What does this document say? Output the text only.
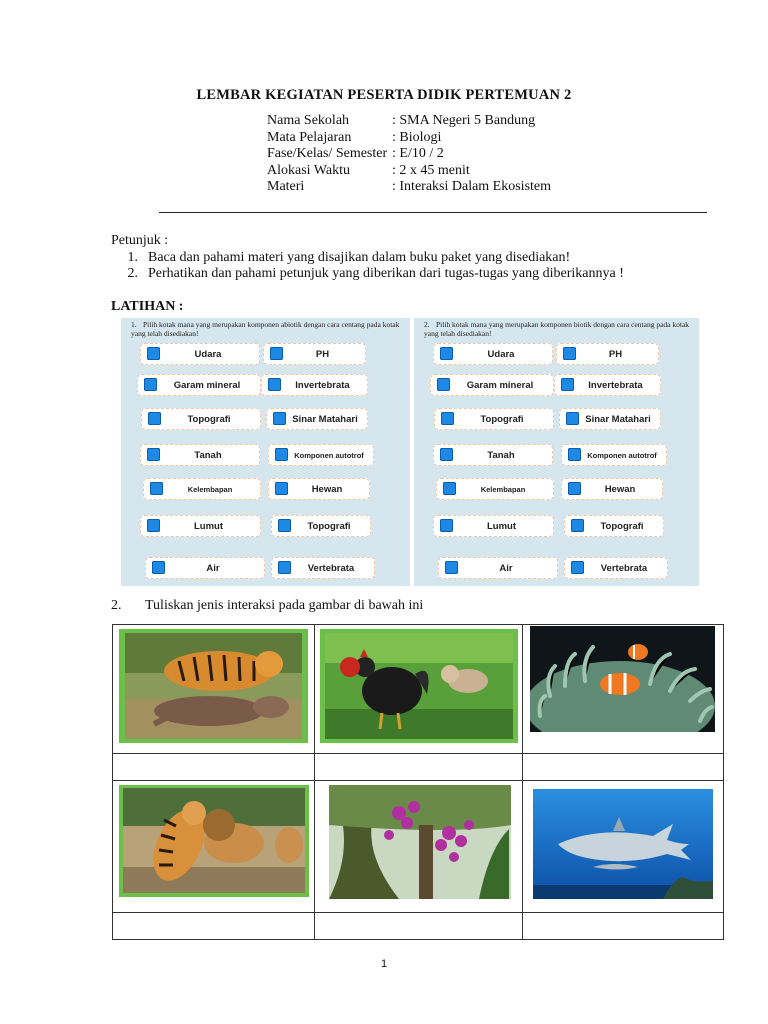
LEMBAR KEGIATAN PESERTA DIDIK PERTEMUAN 2
Nama Sekolah	: SMA Negeri 5 Bandung
Mata Pelajaran	: Biologi
Fase/Kelas/ Semester : E/10 / 2
Alokasi Waktu	: 2 x 45 menit
Materi	: Interaksi Dalam Ekosistem
Petunjuk :
1. Baca dan pahami materi yang disajikan dalam buku paket yang disediakan!
2. Perhatikan dan pahami petunjuk yang diberikan dari tugas-tugas yang diberikannya !
LATIHAN :
1. Pilih kotak mana yang merupakan komponen abiotik dengan cara centang pada kotak yang telah disediakan!
Udara	PH
Garam mineral	Invertebrata
Topografi	Sinar Matahari
Tanah	Komponen autotrof
Kelembapan	Hewan
Lumut	Topografi
Air	Vertebrata
2. Pilih kotak mana yang merupakan komponen biotik dengan cara centang pada kotak yang telah disediakan!
Udara	PH
Garam mineral	Invertebrata
Topografi	Sinar Matahari
Tanah	Komponen autotrof
Kelembapan	Hewan
Lumut	Topografi
Air	Vertebrata
2.	Tuliskan jenis interaksi pada gambar di bawah ini

1
